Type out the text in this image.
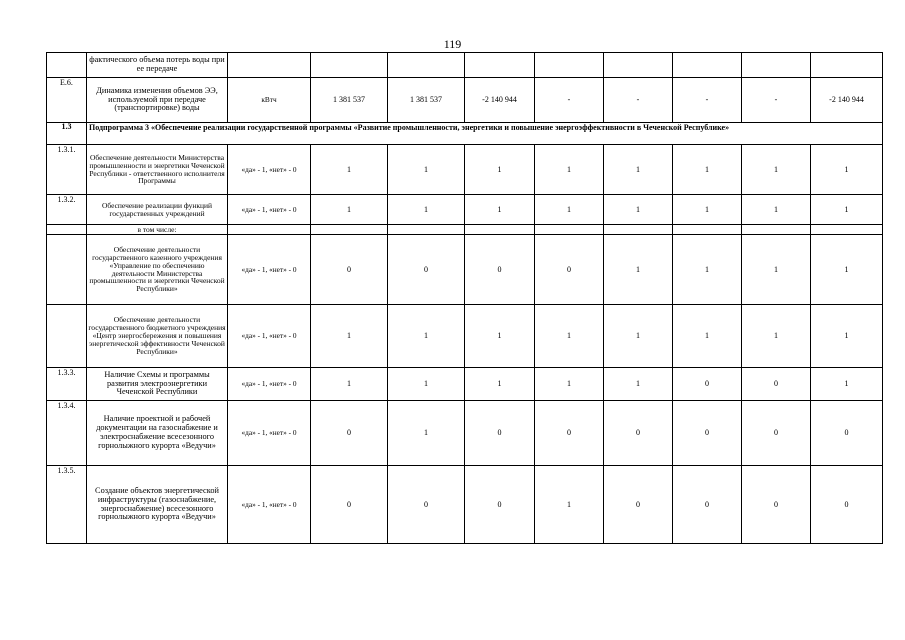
119
	фактического объема потерь воды при ее передаче									
Е.6.	Динамика изменения объемов ЭЭ, используемой при передаче (транспортировке) воды	кВтч	1 381 537	1 381 537	-2 140 944	-	-	-	-	-2 140 944
1.3	Подпрограмма 3 «Обеспечение реализации государственной программы «Развитие промышленности, энергетики и повышение энергоэффективности в Чеченской Республике»									
1.3.1.	Обеспечение деятельности Министерства промышленности и энергетики Чеченской Республики - ответственного исполнителя Программы	«да» - 1, «нет» - 0	1	1	1	1	1	1	1	1
1.3.2.	Обеспечение реализации функций государственных учреждений	«да» - 1, «нет» - 0	1	1	1	1	1	1	1	1
	в том числе:									
	Обеспечение деятельности государственного казенного учреждения «Управление по обеспечению деятельности Министерства промышленности и энергетики Чеченской Республики»	«да» - 1, «нет» - 0	0	0	0	0	1	1	1	1
	Обеспечение деятельности государственного бюджетного учреждения «Центр энергосбережения и повышения энергетической эффективности Чеченской Республики»	«да» - 1, «нет» - 0	1	1	1	1	1	1	1	1
1.3.3.	Наличие Схемы и программы развития электроэнергетики Чеченской Республики	«да» - 1, «нет» - 0	1	1	1	1	1	0	0	1
1.3.4.	Наличие проектной и рабочей документации на газоснабжение и электроснабжение всесезонного горнолыжного курорта «Ведучи»	«да» - 1, «нет» - 0	0	1	0	0	0	0	0	0
1.3.5.	Создание объектов энергетической инфраструктуры (газоснабжение, энергоснабжение) всесезонного горнолыжного курорта «Ведучи»	«да» - 1, «нет» - 0	0	0	0	1	0	0	0	0
